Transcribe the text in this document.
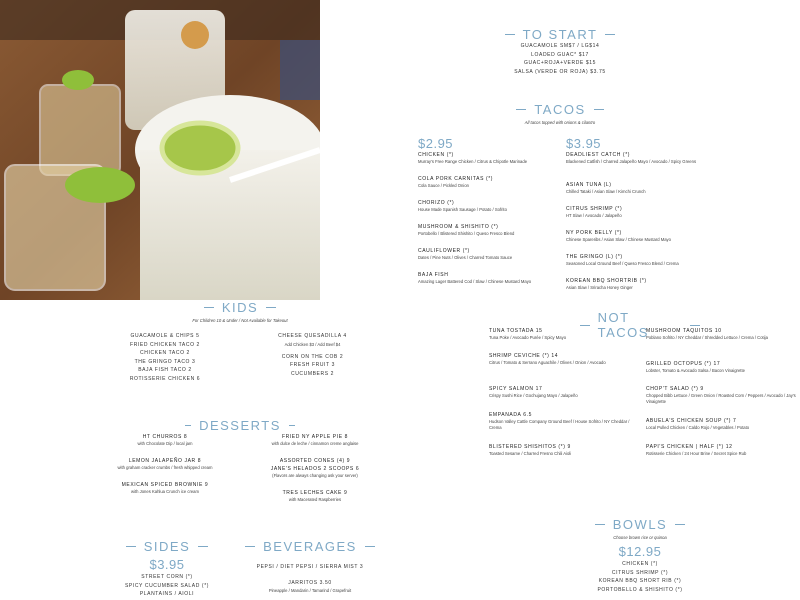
TO START
GUACAMOLE SM$7 / LG$14
LOADED GUAC* $17
GUAC+ROJA+VERDE $15
SALSA (VERDE OR ROJA) $3.75
TACOS
All tacos topped with onions & cilantro
$2.95	$3.95
CHICKEN (*)
Murray's Free Range Chicken / Citrus & Chipotle Marinade
COLA PORK CARNITAS (*)
Cola Sauce / Pickled Onion
CHORIZO (*)
House Made Spanish Sausage / Potato / Sofrito
MUSHROOM & SHISHITO (*)
Portobello / Blistered Shishito / Queso Fresco Blend
CAULIFLOWER (*)
Dates / Pine Nuts / Olives / Charred Tomato Sauce
BAJA FISH
Amazing Lager Battered Cod / Slaw / Chinese Mustard Mayo
DEADLIEST CATCH (*)
Blackened Catfish / Charred Jalapeño Mayo / Avocado / Spicy Greens
ASIAN TUNA (L)
Chilled Tataki / Asian Slaw / Kimchi Crunch
CITRUS SHRIMP (*)
HT Slaw / Avocado / Jalapeño
NY PORK BELLY (*)
Chinese Spareribs / Asian Slaw / Chinese Mustard Mayo
THE GRINGO (L) (*)
Seasoned Local Ground Beef / Queso Fresco Blend / Crema
KOREAN BBQ SHORTRIB (*)
Asian Slaw / Sriracha Honey Ginger
KIDS
For Children 10 & Under / Not Available for Takeout
GUACAMOLE & CHIPS 5
FRIED CHICKEN TACO 2
CHICKEN TACO 2
THE GRINGO TACO 3
BAJA FISH TACO 2
ROTISSERIE CHICKEN 6
CHEESE QUESADILLA 4
Add Chicken $3 / Add Beef $4
CORN ON THE COB 2
FRESH FRUIT 3
CUCUMBERS 2
DESSERTS
HT CHURROS 8
with Chocolate Dip / local jam
LEMON JALAPEÑO JAR 8
with graham cracker crumbs / fresh whipped cream
MEXICAN SPICED BROWNIE 9
with Jones Kahlua Crunch ice cream
FRIED NY APPLE PIE 8
with dulce de leche / cinnamon creme anglaise
ASSORTED CONES (4) 9
JANE'S HELADOS 2 SCOOPS 6
(Flavors are always changing ask your server)
TRES LECHES CAKE 9
with Macerated Raspberries
NOT TACOS
TUNA TOSTADA 15
Tuna Poke / Avocado Purée / Spicy Mayo
SHRIMP CEVICHE (*) 14
Citrus / Tomato & Serrano Aguachile / Olives / Onion / Avocado
SPICY SALMON 17
Crispy Sushi Rice / Gochujang Mayo / Jalapeño
EMPANADA 6.5
Hudson Valley Cattle Company Ground Beef / House Sofrito / NY Cheddar / Crema
BLISTERED SHISHITOS (*) 9
Toasted Sesame / Charred Fresno Chili Aioli
MUSHROOM TAQUITOS 10
Poblano Sofrito / NY Cheddar / Shredded Lettuce / Crema / Cotija
GRILLED OCTOPUS (*) 17
Lobster, Tomato & Avocado Salsa / Bacon Vinaigrette
CHOP'T SALAD (*) 9
Chopped Bibb Lettuce / Green Onion / Roasted Corn / Peppers / Avocado / Jay's Vinaigrette
ABUELA'S CHICKEN SOUP (*) 7
Local Pulled Chicken / Caldo Rojo / Vegetables / Potato
PAPI'S CHICKEN | HALF (*) 12
Rotisserie Chicken / 24 Hour Brine / Secret Spice Rub
BOWLS
Choose brown rice or quinoa
$12.95
CHICKEN (*)
CITRUS SHRIMP (*)
KOREAN BBQ SHORT RIB (*)
PORTOBELLO & SHISHITO (*)
SIDES
$3.95
STREET CORN (*)
SPICY CUCUMBER SALAD (*)
PLANTAINS / AIOLI
BEVERAGES
PEPSI / DIET PEPSI / SIERRA MIST 3
JARRITOS 3.50
Pineapple / Mandarin / Tamarind / Grapefruit
